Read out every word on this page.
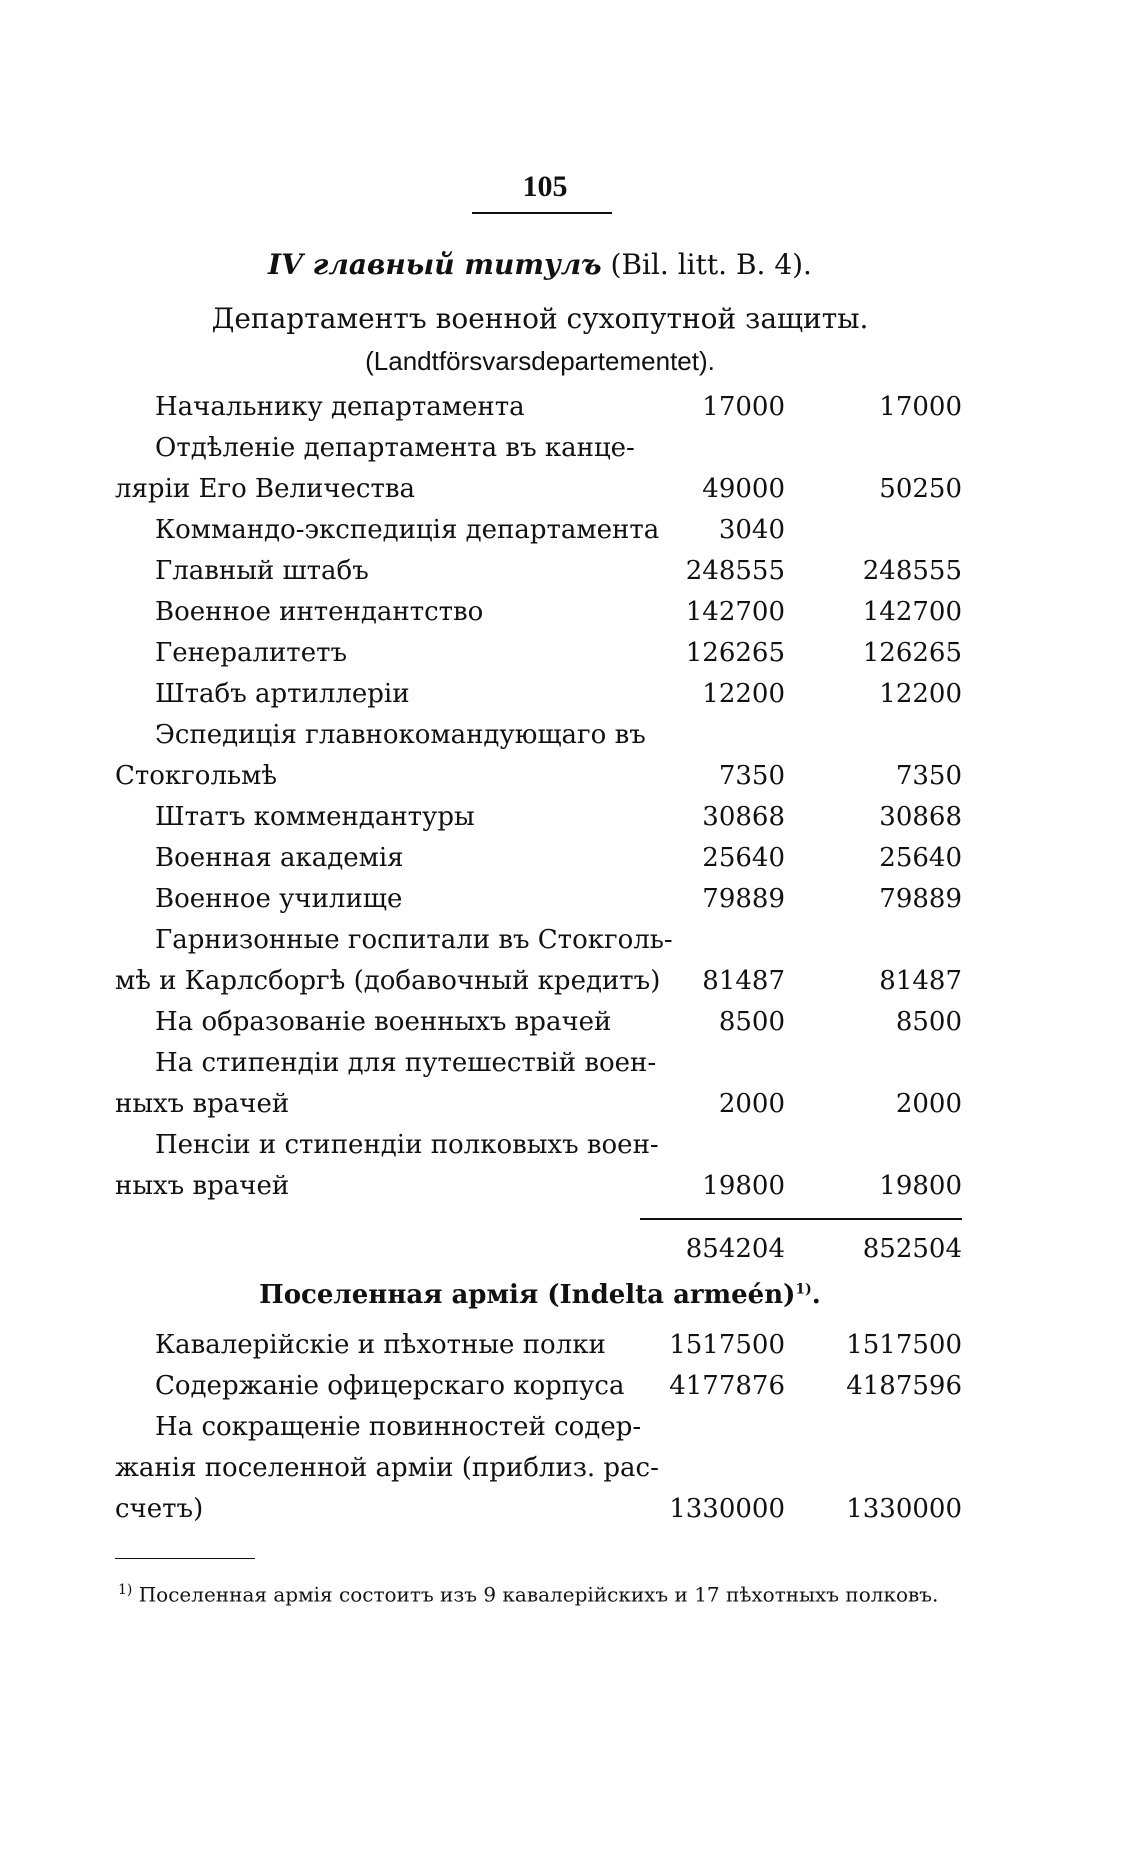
105
IV главный титулъ (Bil. litt. B. 4).
Департаментъ военной сухопутной защиты.
(Landtförsvarsdepartementet).
Начальнику департамента	17000	17000
Отдѣленіе департамента въ канце-
ляріи Его Величества	49000	50250
Коммандо-экспедиція департамента 3040
Главный штабъ	248555	248555
Военное интендантство	142700	142700
Генералитетъ	126265	126265
Штабъ артиллеріи	12200	12200
Эспедиція главнокомандующаго въ
Стокгольмѣ	7350	7350
Штатъ коммендантуры	30868	30868
Военная академія	25640	25640
Военное училище	79889	79889
Гарнизонные госпитали въ Стокголь-
мѣ и Карлсборгѣ (добавочный кредитъ) 81487	81487
На образованіе военныхъ врачей	8500	8500
На стипендіи для путешествій воен-
ныхъ врачей	2000	2000
Пенсіи и стипендіи полковыхъ воен-
ныхъ врачей	19800	19800
854204	852504
Поселенная армія (Indelta armeén)$^{1)}$.
Кавалерійскіе и пѣхотные полки 1517500 1517500
Содержаніе офицерскаго корпуса 4177876 4187596
На сокращеніе повинностей содер-
жанія поселенной арміи (приблиз. рас-
счетъ)	1330000 1330000
$^{1)}$ Поселенная армія состоитъ изъ 9 кавалерійскихъ и 17 пѣхотныхъ полковъ.
